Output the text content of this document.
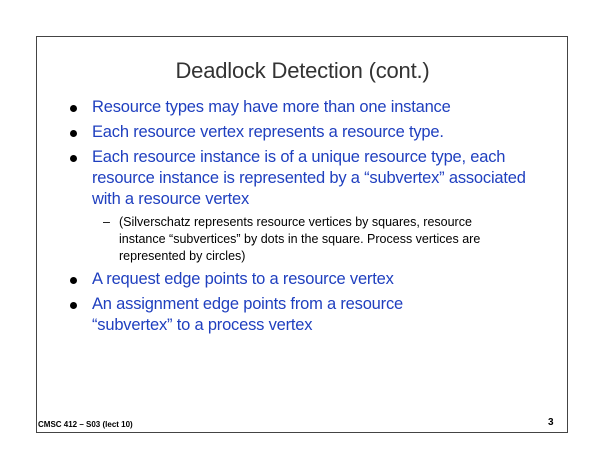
Deadlock Detection (cont.)
Resource types may have more than one instance
Each resource vertex represents a resource type.
Each resource instance is of a unique resource type, each resource instance is represented by a “subvertex” associated with a resource vertex
– (Silverschatz represents resource vertices by squares, resource instance “subvertices” by dots in the square. Process vertices are represented by circles)
A request edge points to a resource vertex
An assignment edge points from a resource “subvertex” to a process vertex
CMSC 412 – S03 (lect 10)	3
